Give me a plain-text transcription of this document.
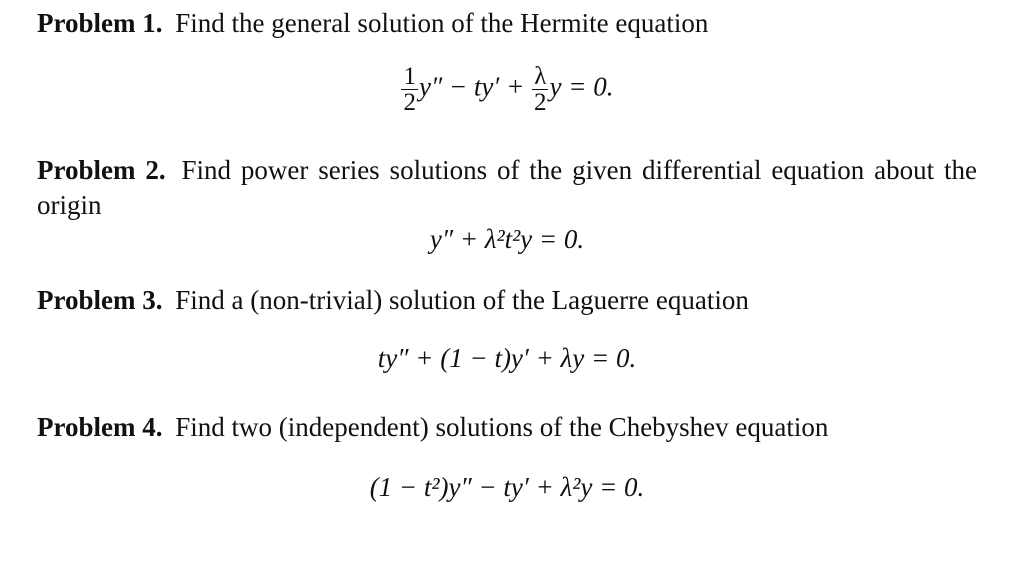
Problem 1. Find the general solution of the Hermite equation

$\frac{1}{2} y'' - ty' + \frac{\lambda}{2}$ y = 0.

Problem 2. Find power series solutions of the given differential equation about the origin

y″ + λ²t²y = 0.

Problem 3. Find a (non-trivial) solution of the Laguerre equation

ty″ + (1 − t)y′ + λy = 0.

Problem 4. Find two (independent) solutions of the Chebyshev equation

(1 − t²)y″ − ty′ + λ²y = 0.
